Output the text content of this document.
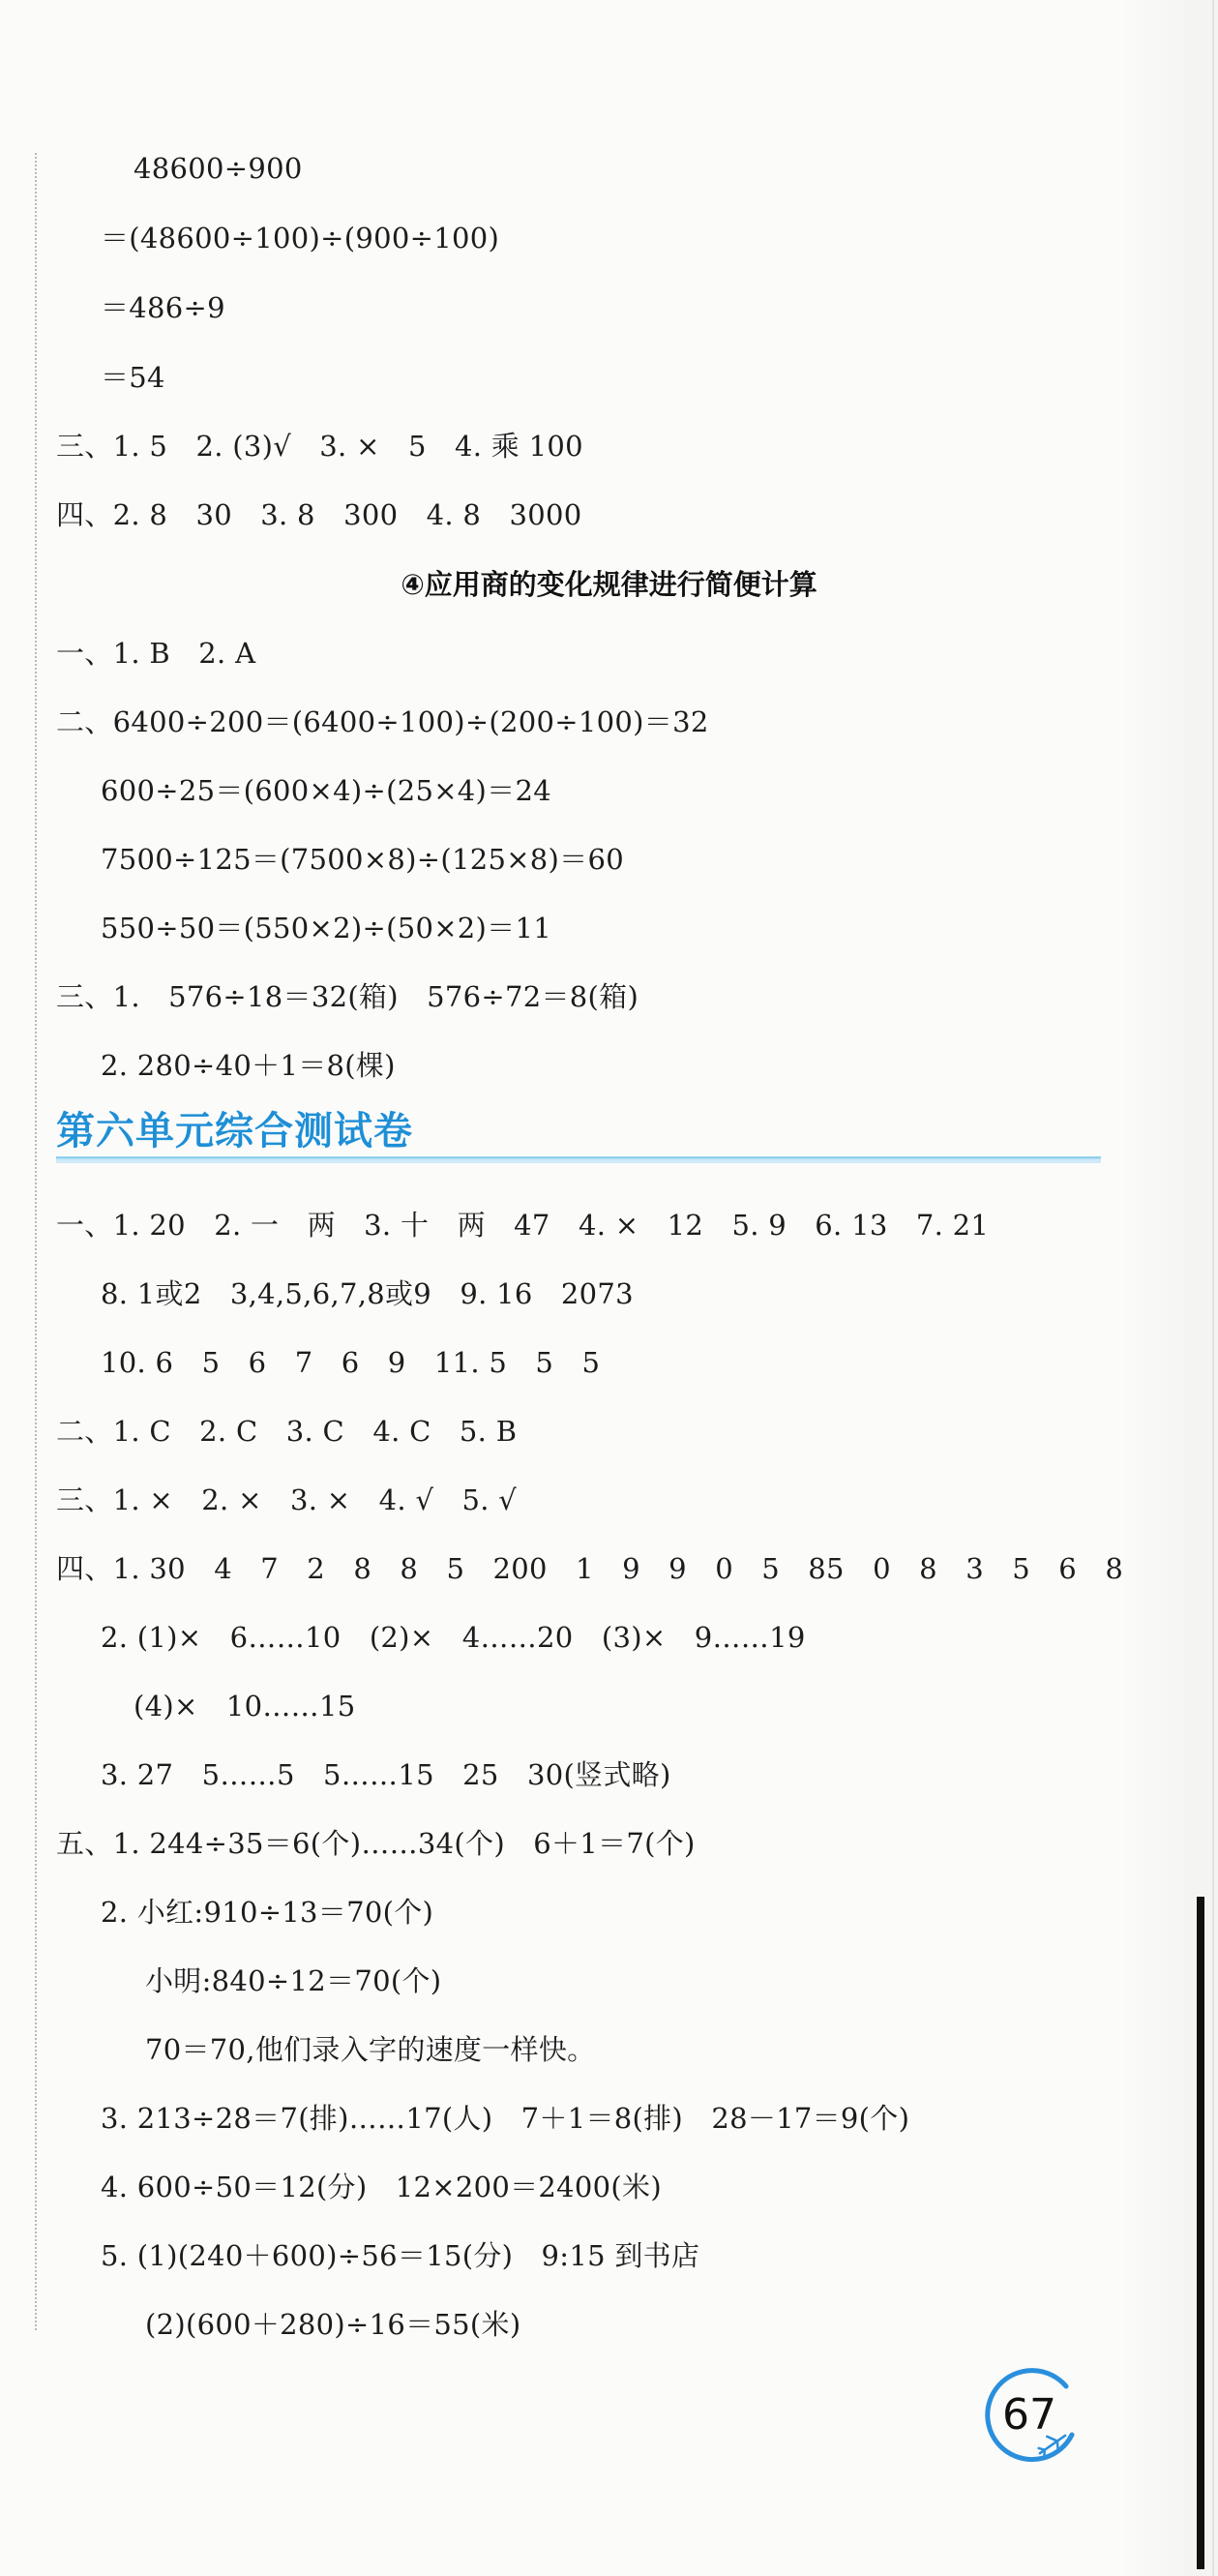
48600÷900
＝(48600÷100)÷(900÷100)
＝486÷9
＝54
三、1. 5　2. (3)√　3. ×　5　4. 乘 100
四、2. 8　30　3. 8　300　4. 8　3000
④应用商的变化规律进行简便计算
一、1. B　2. A
二、6400÷200＝(6400÷100)÷(200÷100)＝32
600÷25＝(600×4)÷(25×4)＝24
7500÷125＝(7500×8)÷(125×8)＝60
550÷50＝(550×2)÷(50×2)＝11
三、1.　576÷18＝32(箱)　576÷72＝8(箱)
2. 280÷40＋1＝8(棵)
第六单元综合测试卷
一、1. 20　2. 一　两　3. 十　两　47　4. ×　12　5. 9　6. 13　7. 21
8. 1或2　3,4,5,6,7,8或9　9. 16　2073
10. 6　5　6　7　6　9　11. 5　5　5
二、1. C　2. C　3. C　4. C　5. B
三、1. ×　2. ×　3. ×　4. √　5. √
四、1. 30　4　7　2　8　8　5　200　1　9　9　0　5　85　0　8　3　5　6　8
2. (1)×　6……10　(2)×　4……20　(3)×　9……19
(4)×　10……15
3. 27　5……5　5……15　25　30(竖式略)
五、1. 244÷35＝6(个)……34(个)　6＋1＝7(个)
2. 小红:910÷13＝70(个)
小明:840÷12＝70(个)
70＝70,他们录入字的速度一样快。
3. 213÷28＝7(排)……17(人)　7＋1＝8(排)　28－17＝9(个)
4. 600÷50＝12(分)　12×200＝2400(米)
5. (1)(240＋600)÷56＝15(分)　9:15 到书店
(2)(600＋280)÷16＝55(米)
67
